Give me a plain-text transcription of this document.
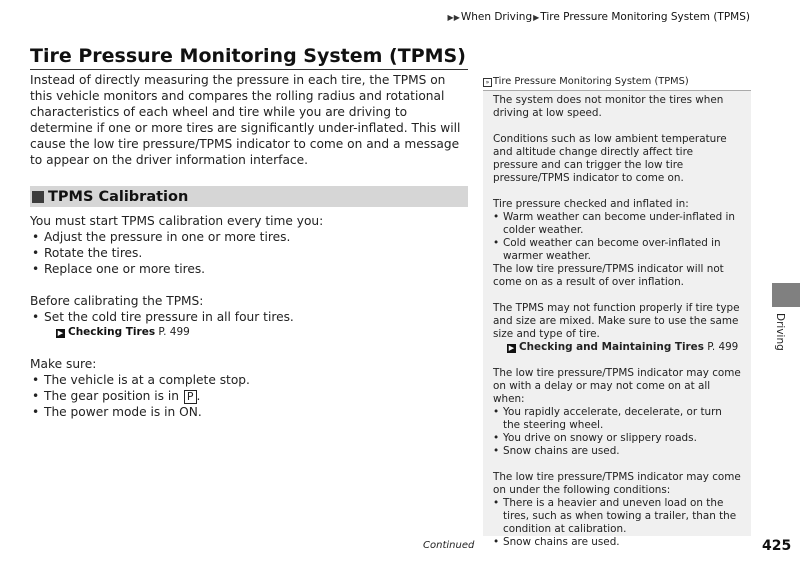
▶▶When Driving▶Tire Pressure Monitoring System (TPMS)
Tire Pressure Monitoring System (TPMS)

Instead of directly measuring the pressure in each tire, the TPMS on this vehicle monitors and compares the rolling radius and rotational characteristics of each wheel and tire while you are driving to determine if one or more tires are significantly under-inflated. This will cause the low tire pressure/TPMS indicator to come on and a message to appear on the driver information interface.

TPMS Calibration

You must start TPMS calibration every time you:

• Adjust the pressure in one or more tires.
• Rotate the tires.
• Replace one or more tires.

Before calibrating the TPMS:

• Set the cold tire pressure in all four tires.
▶ Checking Tires P. 499

Make sure:

• The vehicle is at a complete stop.
• The gear position is in P .
• The power mode is in ON.
» Tire Pressure Monitoring System (TPMS)

The system does not monitor the tires when driving at low speed.

Conditions such as low ambient temperature and altitude change directly affect tire pressure and can trigger the low tire pressure/TPMS indicator to come on.

Tire pressure checked and inflated in:

• Warm weather can become under-inflated in colder weather.
• Cold weather can become over-inflated in warmer weather.

The low tire pressure/TPMS indicator will not come on as a result of over inflation.

The TPMS may not function properly if tire type and size are mixed. Make sure to use the same size and type of tire.

▶ Checking and Maintaining Tires P. 499

The low tire pressure/TPMS indicator may come on with a delay or may not come on at all when:

• You rapidly accelerate, decelerate, or turn the steering wheel.
• You drive on snowy or slippery roads.
• Snow chains are used.

The low tire pressure/TPMS indicator may come on under the following conditions:

• There is a heavier and uneven load on the tires, such as when towing a trailer, than the condition at calibration.
• Snow chains are used.
Driving
Continued	425
